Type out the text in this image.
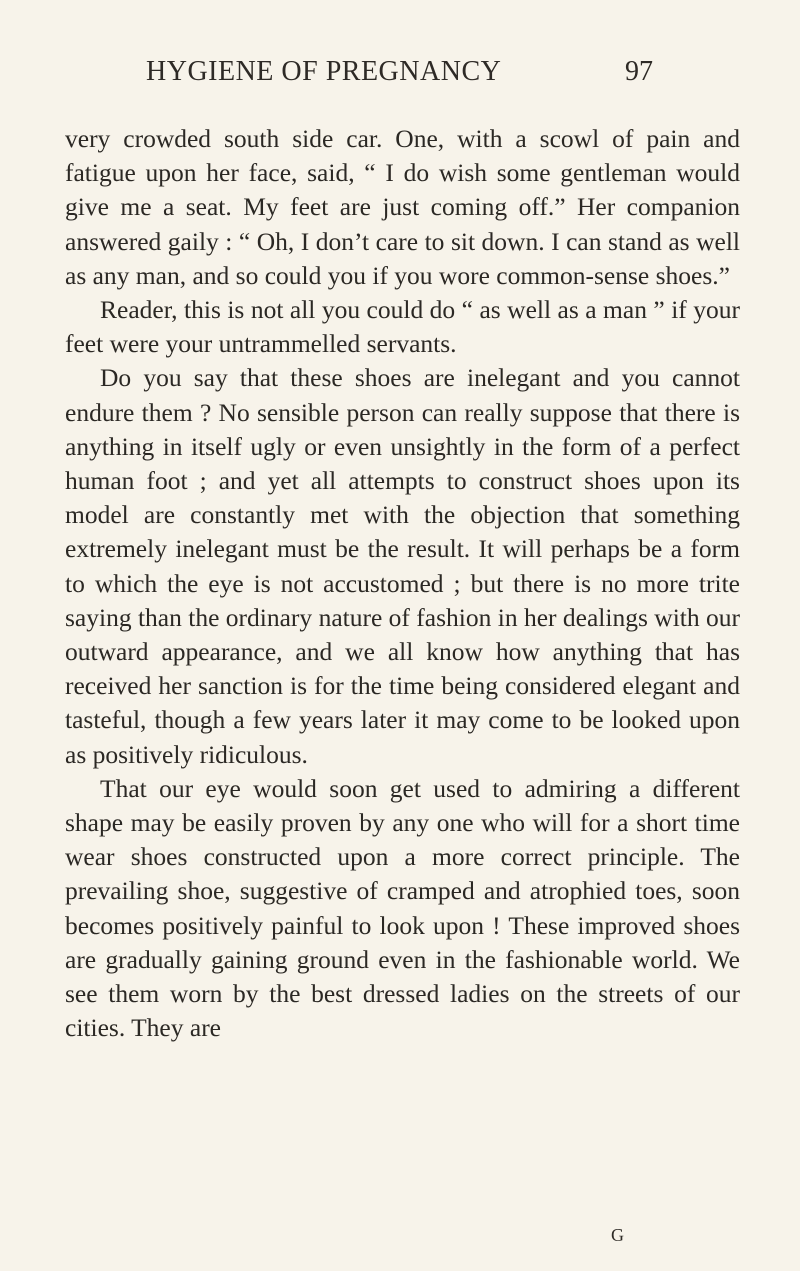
HYGIENE OF PREGNANCY	97

very crowded south side car. One, with a scowl of pain and fatigue upon her face, said, “ I do wish some gentleman would give me a seat. My feet are just coming off.” Her companion answered gaily : “ Oh, I don’t care to sit down. I can stand as well as any man, and so could you if you wore common-sense shoes.”

Reader, this is not all you could do “ as well as a man ” if your feet were your untrammelled servants.

Do you say that these shoes are inelegant and you cannot endure them ? No sensible person can really suppose that there is anything in itself ugly or even unsightly in the form of a perfect human foot ; and yet all attempts to construct shoes upon its model are constantly met with the objection that something extremely inelegant must be the result. It will perhaps be a form to which the eye is not accustomed ; but there is no more trite saying than the ordinary nature of fashion in her dealings with our outward appearance, and we all know how anything that has received her sanction is for the time being considered elegant and tasteful, though a few years later it may come to be looked upon as positively ridiculous.

That our eye would soon get used to admiring a different shape may be easily proven by any one who will for a short time wear shoes constructed upon a more correct principle. The prevailing shoe, suggestive of cramped and atrophied toes, soon becomes positively painful to look upon ! These improved shoes are gradually gaining ground even in the fashionable world. We see them worn by the best dressed ladies on the streets of our cities. They are

G
